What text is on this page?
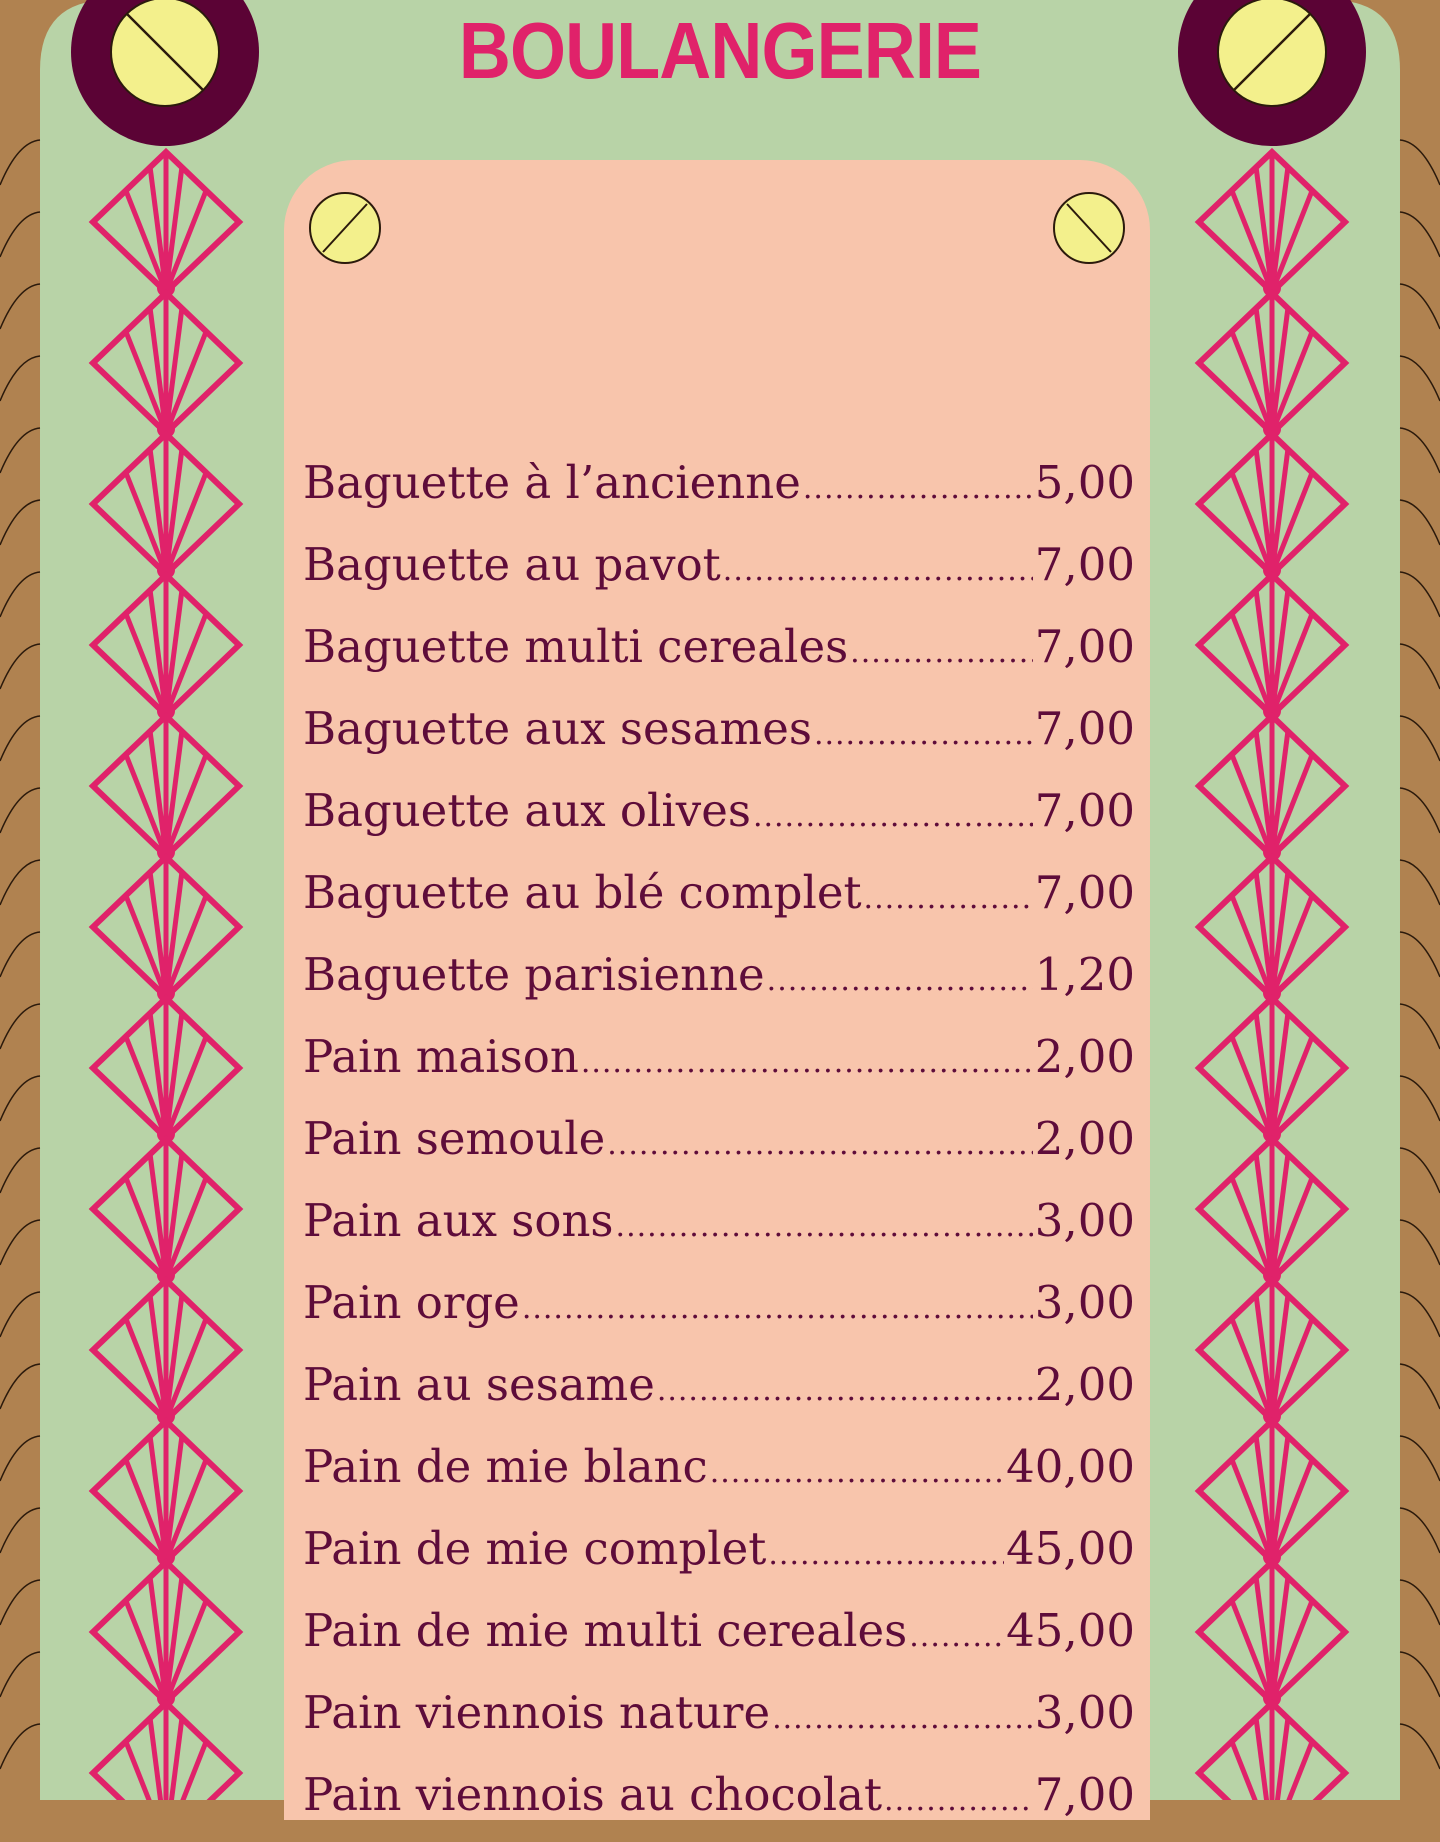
BOULANGERIE
Baguette à l’ancienne .....	5,00
Baguette au pavot .....	7,00
Baguette multi cereales .....	7,00
Baguette aux sesames .....	7,00
Baguette aux olives .....	7,00
Baguette au blé complet .....	7,00
Baguette parisienne .....	1,20
Pain maison .....	2,00
Pain semoule .....	2,00
Pain aux sons .....	3,00
Pain orge .....	3,00
Pain au sesame .....	2,00
Pain de mie blanc .....	40,00
Pain de mie complet .....	45,00
Pain de mie multi cereales ..... 45,00
Pain viennois nature .....	3,00
Pain viennois au chocolat .....	7,00
